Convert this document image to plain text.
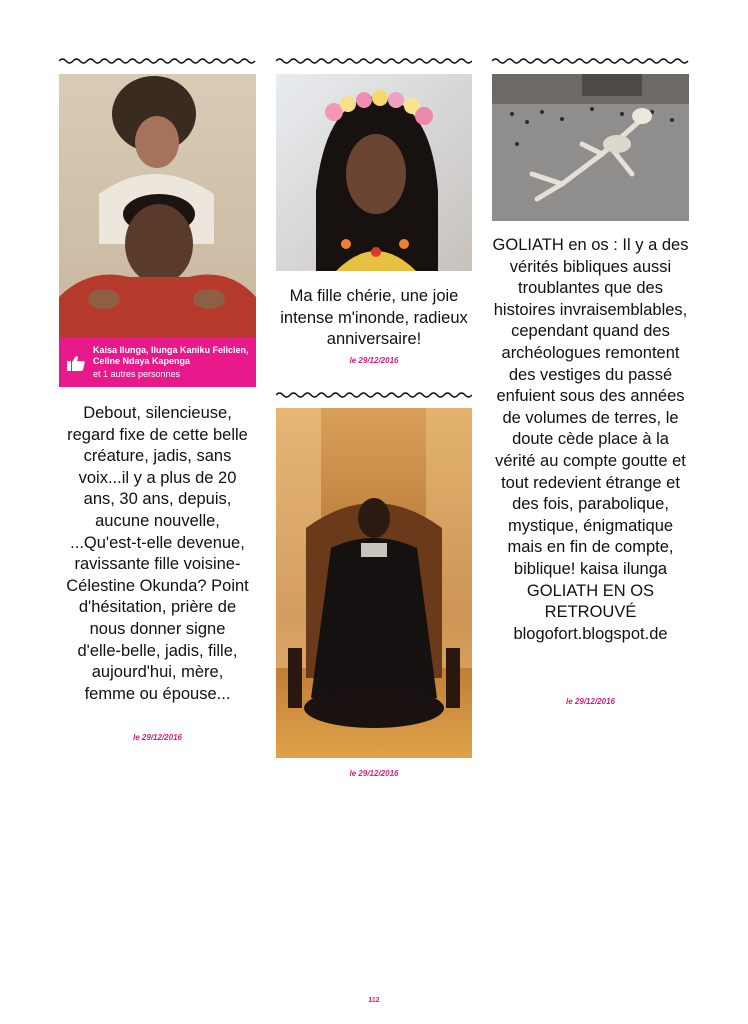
Kaisa Ilunga, Ilunga Kaniku Felicien, Celine Ndaya Kapenga
et 1 autres personnes
Debout, silencieuse, regard fixe de cette belle créature, jadis, sans voix...il y a plus de 20 ans, 30 ans, depuis, aucune nouvelle, ...Qu'est-t-elle devenue, ravissante fille voisine-Célestine Okunda? Point d'hésitation, prière de nous donner signe d'elle-belle, jadis, fille, aujourd'hui, mère, femme ou épouse...
le 29/12/2016
Ma fille chérie, une joie intense m'inonde, radieux anniversaire!
le 29/12/2016
le 29/12/2016
GOLIATH en os : Il y a des vérités bibliques aussi troublantes que des histoires invraisemblables, cependant quand des archéologues remontent des vestiges du passé enfuient sous des années de volumes de terres, le doute cède place à la vérité au compte goutte et tout redevient étrange et des fois, parabolique, mystique, énigmatique mais en fin de compte, biblique! kaisa ilunga GOLIATH EN OS RETROUVÉ blogofort.blogspot.de
le 29/12/2016
112
